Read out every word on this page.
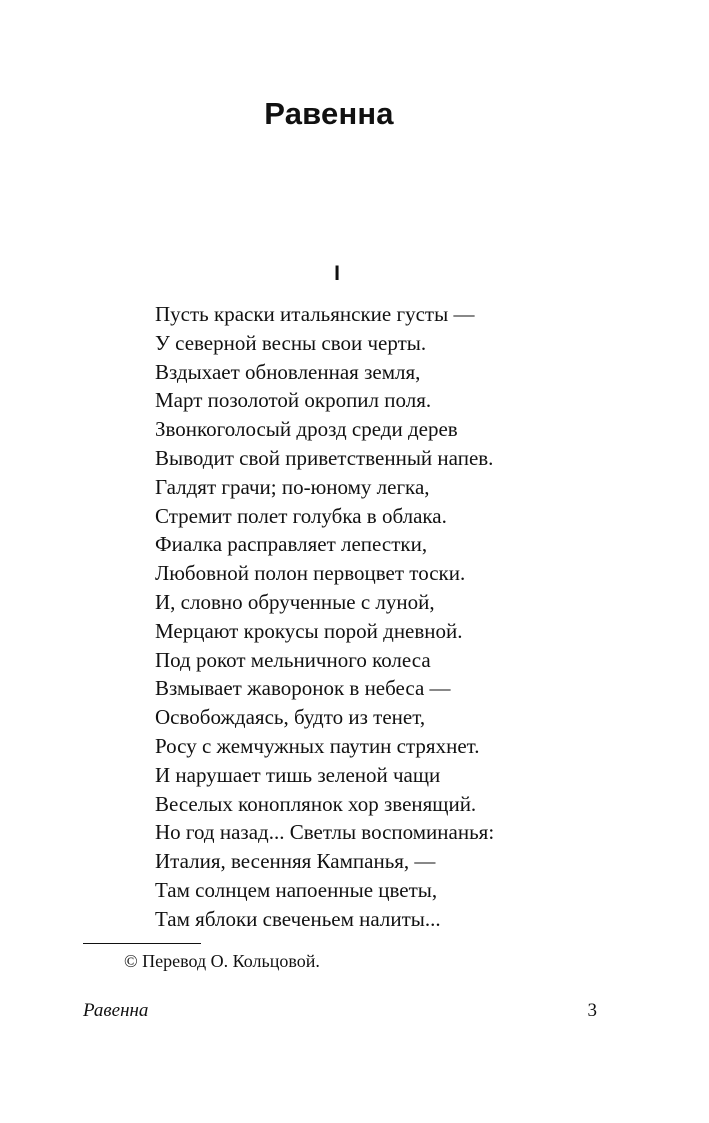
Равенна
I
Пусть краски итальянские густы —
У северной весны свои черты.
Вздыхает обновленная земля,
Март позолотой окропил поля.
Звонкоголосый дрозд среди дерев
Выводит свой приветственный напев.
Галдят грачи; по-юному легка,
Стремит полет голубка в облака.
Фиалка расправляет лепестки,
Любовной полон первоцвет тоски.
И, словно обрученные с луной,
Мерцают крокусы порой дневной.
Под рокот мельничного колеса
Взмывает жаворонок в небеса —
Освобождаясь, будто из тенет,
Росу с жемчужных паутин стряхнет.
И нарушает тишь зеленой чащи
Веселых коноплянок хор звенящий.
Но год назад... Светлы воспоминанья:
Италия, весенняя Кампанья, —
Там солнцем напоенные цветы,
Там яблоки свеченьем налиты...
© Перевод О. Кольцовой.
Равенна	3
